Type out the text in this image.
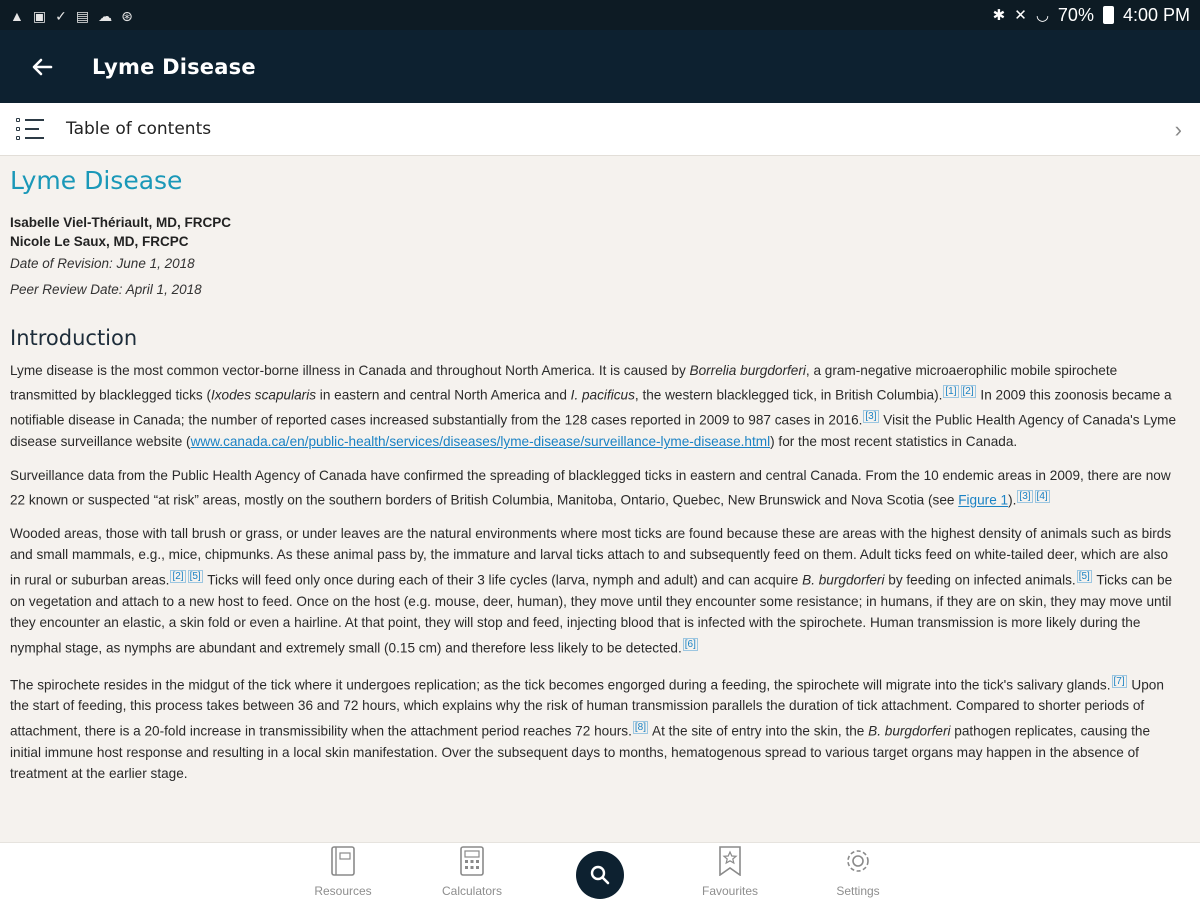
▲ ▣ ✓ ▤ ☁ ⊛	✱ ✕ ◡ 70% 4:00 PM
Lyme Disease
Table of contents	›
Lyme Disease
Isabelle Viel-Thériault, MD, FRCPC
Nicole Le Saux, MD, FRCPC
Date of Revision: June 1, 2018
Peer Review Date: April 1, 2018
Introduction

Lyme disease is the most common vector-borne illness in Canada and throughout North America. It is caused by Borrelia burgdorferi, a gram-negative microaerophilic mobile spirochete transmitted by blacklegged ticks (Ixodes scapularis in eastern and central North America and I. pacificus, the western blacklegged tick, in British Columbia). [1] [2] In 2009 this zoonosis became a notifiable disease in Canada; the number of reported cases increased substantially from the 128 cases reported in 2009 to 987 cases in 2016. [3] Visit the Public Health Agency of Canada's Lyme disease surveillance website (www.canada.ca/en/public-health/services/diseases/lyme-disease/surveillance-lyme-disease.html) for the most recent statistics in Canada.

Surveillance data from the Public Health Agency of Canada have confirmed the spreading of blacklegged ticks in eastern and central Canada. From the 10 endemic areas in 2009, there are now 22 known or suspected “at risk” areas, mostly on the southern borders of British Columbia, Manitoba, Ontario, Quebec, New Brunswick and Nova Scotia (see Figure 1). [3] [4]

Wooded areas, those with tall brush or grass, or under leaves are the natural environments where most ticks are found because these are areas with the highest density of animals such as birds and small mammals, e.g., mice, chipmunks. As these animal pass by, the immature and larval ticks attach to and subsequently feed on them. Adult ticks feed on white-tailed deer, which are also in rural or suburban areas. [2] [5] Ticks will feed only once during each of their 3 life cycles (larva, nymph and adult) and can acquire B. burgdorferi by feeding on infected animals. [5] Ticks can be on vegetation and attach to a new host to feed. Once on the host (e.g. mouse, deer, human), they move until they encounter some resistance; in humans, if they are on skin, they may move until they encounter an elastic, a skin fold or even a hairline. At that point, they will stop and feed, injecting blood that is infected with the spirochete. Human transmission is more likely during the nymphal stage, as nymphs are abundant and extremely small (0.15 cm) and therefore less likely to be detected. [6]

The spirochete resides in the midgut of the tick where it undergoes replication; as the tick becomes engorged during a feeding, the spirochete will migrate into the tick's salivary glands. [7] Upon the start of feeding, this process takes between 36 and 72 hours, which explains why the risk of human transmission parallels the duration of tick attachment. Compared to shorter periods of attachment, there is a 20-fold increase in transmissibility when the attachment period reaches 72 hours. [8] At the site of entry into the skin, the B. burgdorferi pathogen replicates, causing the initial immune host response and resulting in a local skin manifestation. Over the subsequent days to months, hematogenous spread to various target organs may happen in the absence of treatment at the earlier stage.

Resources	Calculators	Favourites	Settings
